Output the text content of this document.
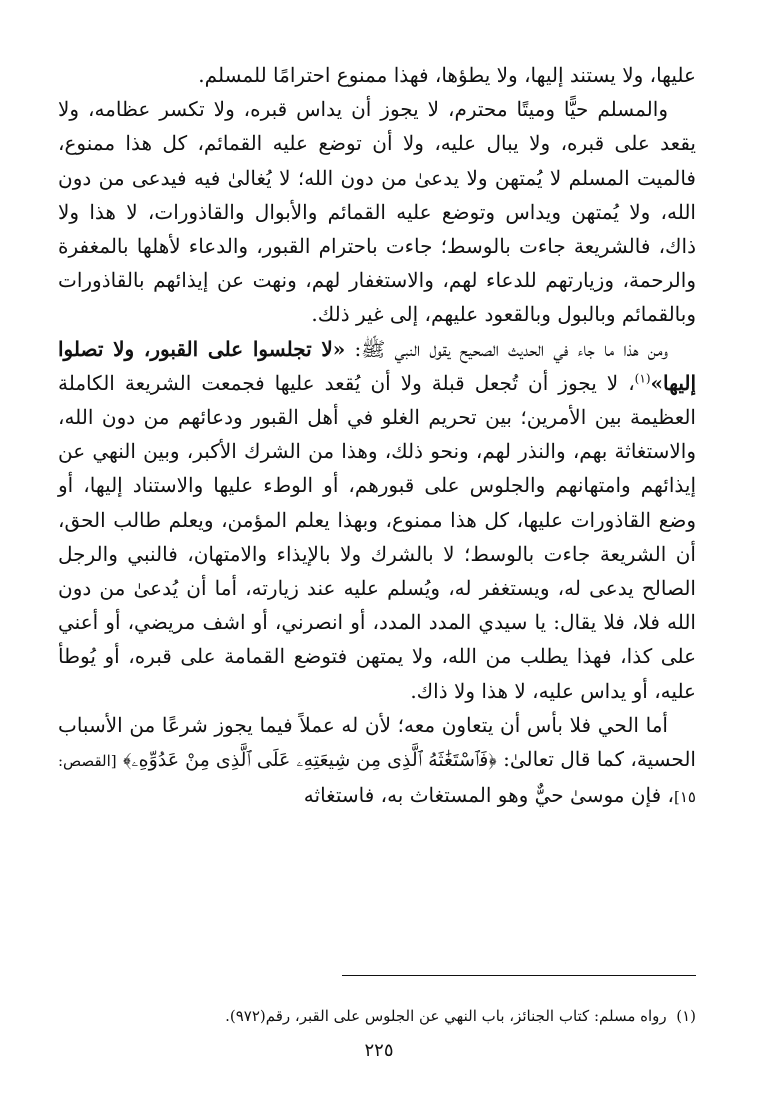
عليها، ولا يستند إليها، ولا يطؤها، فهذا ممنوع احترامًا للمسلم.

والمسلم حيًّا وميتًا محترم، لا يجوز أن يداس قبره، ولا تكسر عظامه، ولا يقعد على قبره، ولا يبال عليه، ولا أن توضع عليه القمائم، كل هذا ممنوع، فالميت المسلم لا يُمتهن ولا يدعىٰ من دون الله؛ لا يُغالىٰ فيه فيدعى من دون الله، ولا يُمتهن ويداس وتوضع عليه القمائم والأبوال والقاذورات، لا هذا ولا ذاك، فالشريعة جاءت بالوسط؛ جاءت باحترام القبور، والدعاء لأهلها بالمغفرة والرحمة، وزيارتهم للدعاء لهم، والاستغفار لهم، ونهت عن إيذائهم بالقاذورات وبالقمائم وبالبول وبالقعود عليهم، إلى غير ذلك.

ومن هذا ما جاء في الحديث الصحيح يقول النبي ﷺ: «لا تجلسوا على القبور، ولا تصلوا إليها»$^{(١)}$، لا يجوز أن تُجعل قبلة ولا أن يُقعد عليها فجمعت الشريعة الكاملة العظيمة بين الأمرين؛ بين تحريم الغلو في أهل القبور ودعائهم من دون الله، والاستغاثة بهم، والنذر لهم، ونحو ذلك، وهذا من الشرك الأكبر، وبين النهي عن إيذائهم وامتهانهم والجلوس على قبورهم، أو الوطء عليها والاستناد إليها، أو وضع القاذورات عليها، كل هذا ممنوع، وبهذا يعلم المؤمن، ويعلم طالب الحق، أن الشريعة جاءت بالوسط؛ لا بالشرك ولا بالإيذاء والامتهان، فالنبي والرجل الصالح يدعى له، ويستغفر له، ويُسلم عليه عند زيارته، أما أن يُدعىٰ من دون الله فلا، فلا يقال: يا سيدي المدد المدد، أو انصرني، أو اشف مريضي، أو أعني على كذا، فهذا يطلب من الله، ولا يمتهن فتوضع القمامة على قبره، أو يُوطأ عليه، أو يداس عليه، لا هذا ولا ذاك.

أما الحي فلا بأس أن يتعاون معه؛ لأن له عملاً فيما يجوز شرعًا من الأسباب الحسية، كما قال تعالىٰ: ﴿فَٱسْتَغَٰثَهُ ٱلَّذِى مِن شِيعَتِهِۦ عَلَى ٱلَّذِى مِنْ عَدُوِّهِۦ﴾ [القصص: ١٥]، فإن موسىٰ حيٌّ وهو المستغاث به، فاستغاثه

(١)  رواه مسلم: كتاب الجنائز، باب النهي عن الجلوس على القبر، رقم(٩٧٢).
٢٢٥
